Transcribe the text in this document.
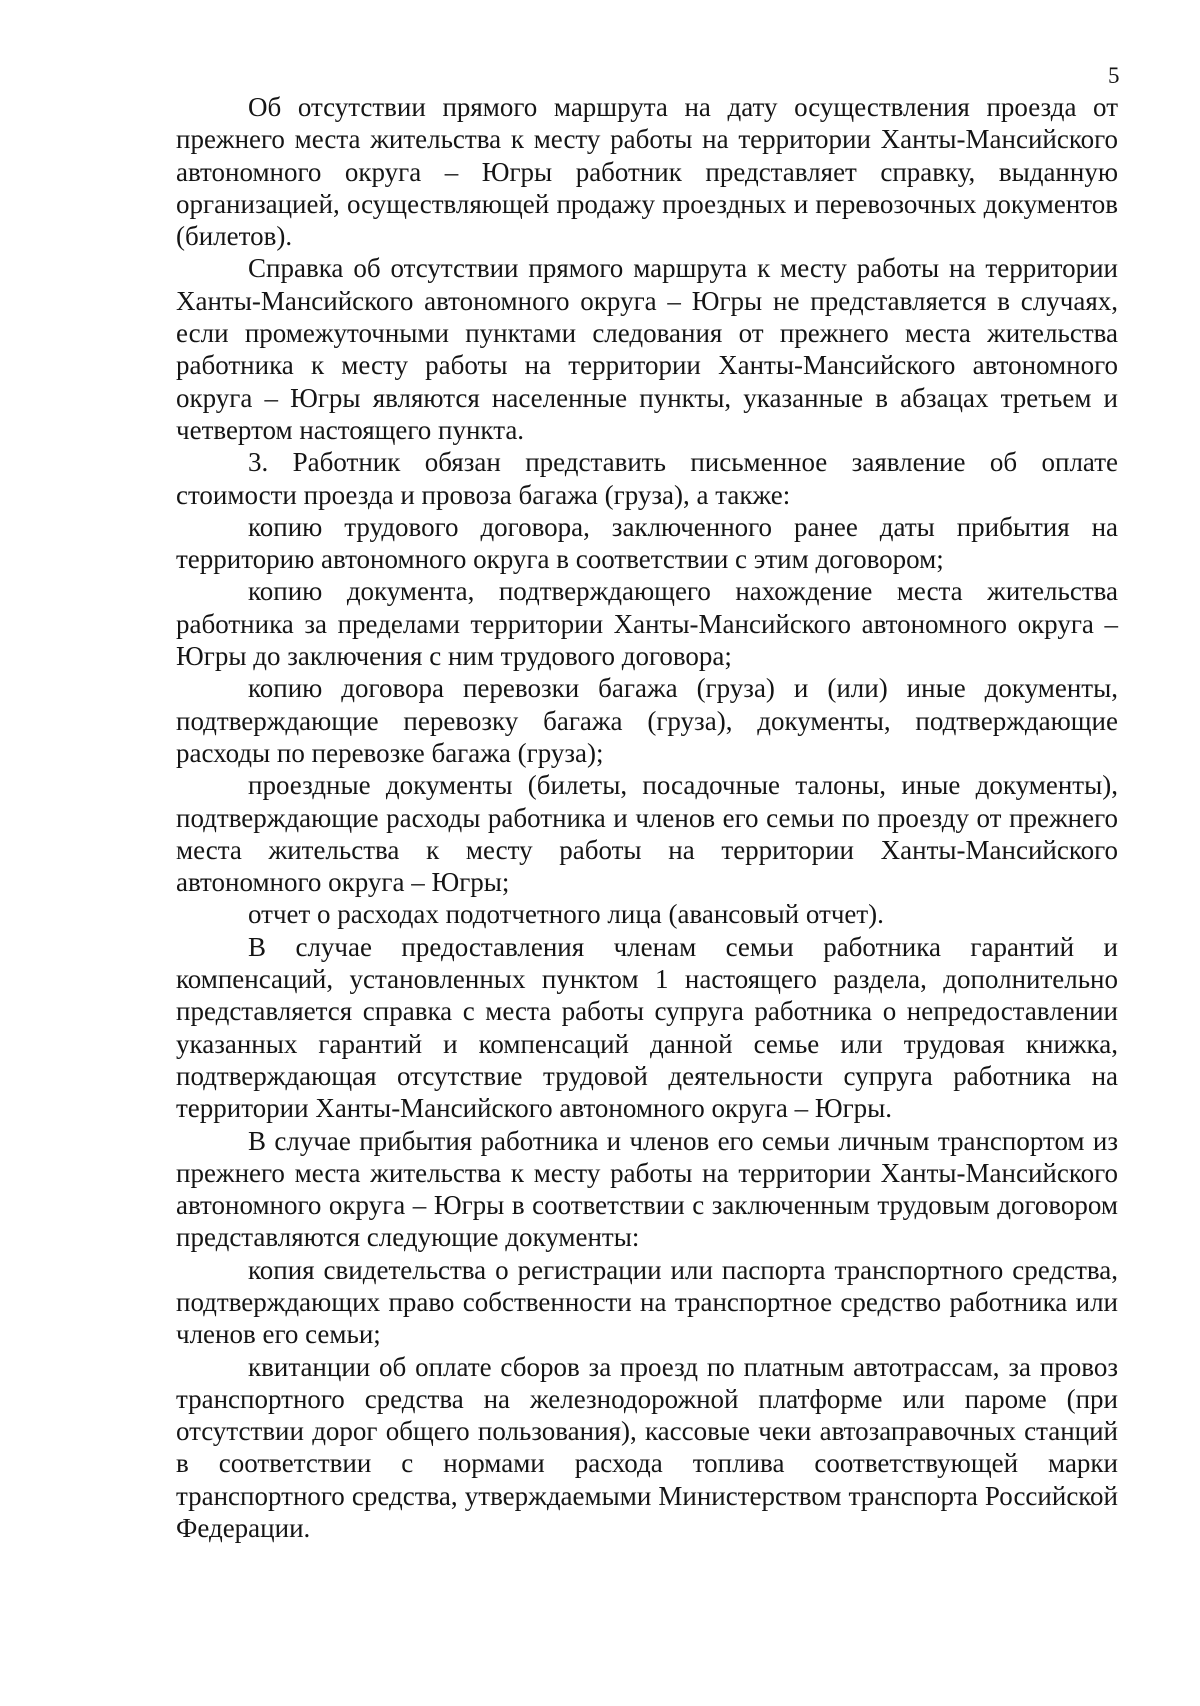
5

Об отсутствии прямого маршрута на дату осуществления проезда от прежнего места жительства к месту работы на территории Ханты-Мансийского автономного округа – Югры работник представляет справку, выданную организацией, осуществляющей продажу проездных и перевозочных документов (билетов).

Справка об отсутствии прямого маршрута к месту работы на территории Ханты-Мансийского автономного округа – Югры не представляется в случаях, если промежуточными пунктами следования от прежнего места жительства работника к месту работы на территории Ханты-Мансийского автономного округа – Югры являются населенные пункты, указанные в абзацах третьем и четвертом настоящего пункта.

3. Работник обязан представить письменное заявление об оплате стоимости проезда и провоза багажа (груза), а также:

копию трудового договора, заключенного ранее даты прибытия на территорию автономного округа в соответствии с этим договором;

копию документа, подтверждающего нахождение места жительства работника за пределами территории Ханты-Мансийского автономного округа – Югры до заключения с ним трудового договора;

копию договора перевозки багажа (груза) и (или) иные документы, подтверждающие перевозку багажа (груза), документы, подтверждающие расходы по перевозке багажа (груза);

проездные документы (билеты, посадочные талоны, иные документы), подтверждающие расходы работника и членов его семьи по проезду от прежнего места жительства к месту работы на территории Ханты-Мансийского автономного округа – Югры;

отчет о расходах подотчетного лица (авансовый отчет).

В случае предоставления членам семьи работника гарантий и компенсаций, установленных пунктом 1 настоящего раздела, дополнительно представляется справка с места работы супруга работника о непредоставлении указанных гарантий и компенсаций данной семье или трудовая книжка, подтверждающая отсутствие трудовой деятельности супруга работника на территории Ханты-Мансийского автономного округа – Югры.

В случае прибытия работника и членов его семьи личным транспортом из прежнего места жительства к месту работы на территории Ханты-Мансийского автономного округа – Югры в соответствии с заключенным трудовым договором представляются следующие документы:

копия свидетельства о регистрации или паспорта транспортного средства, подтверждающих право собственности на транспортное средство работника или членов его семьи;

квитанции об оплате сборов за проезд по платным автотрассам, за провоз транспортного средства на железнодорожной платформе или пароме (при отсутствии дорог общего пользования), кассовые чеки автозаправочных станций в соответствии с нормами расхода топлива соответствующей марки транспортного средства, утверждаемыми Министерством транспорта Российской Федерации.
